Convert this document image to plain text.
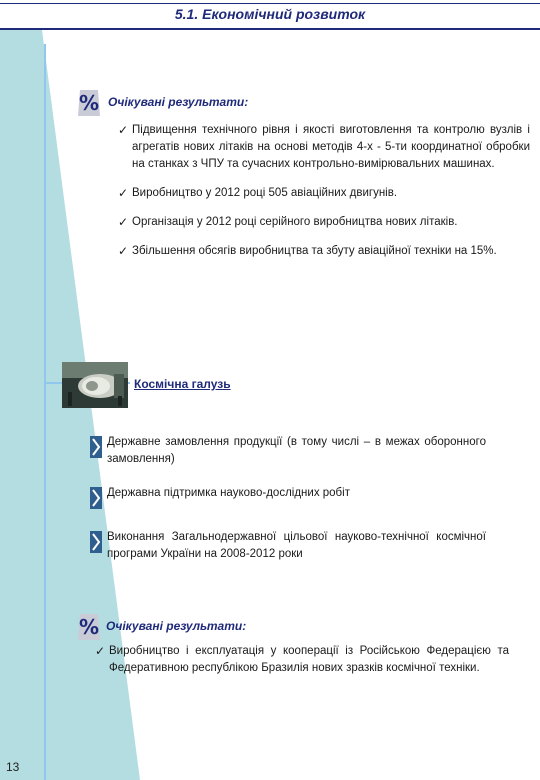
5.1. Економічний розвиток
% Очікувані результати:
✓ Підвищення технічного рівня і якості виготовлення та контролю вузлів і агрегатів нових літаків на основі методів 4-х - 5-ти координатної обробки на станках з ЧПУ та сучасних контрольно-вимірювальних машинах.
✓ Виробництво у 2012 році 505 авіаційних двигунів.
✓ Організація у 2012 році серійного виробництва нових літаків.
✓ Збільшення обсягів виробництва та збуту авіаційної техніки на 15%.
Космічна галузь
Державне замовлення продукції (в тому числі – в межах оборонного замовлення)
Державна підтримка науково-дослідних робіт
Виконання Загальнодержавної цільової науково-технічної космічної програми України на 2008-2012 роки
% Очікувані результати:
✓ Виробництво і експлуатація у кооперації із Російською Федерацією та Федеративною республікою Бразилія нових зразків космічної техніки.
13
